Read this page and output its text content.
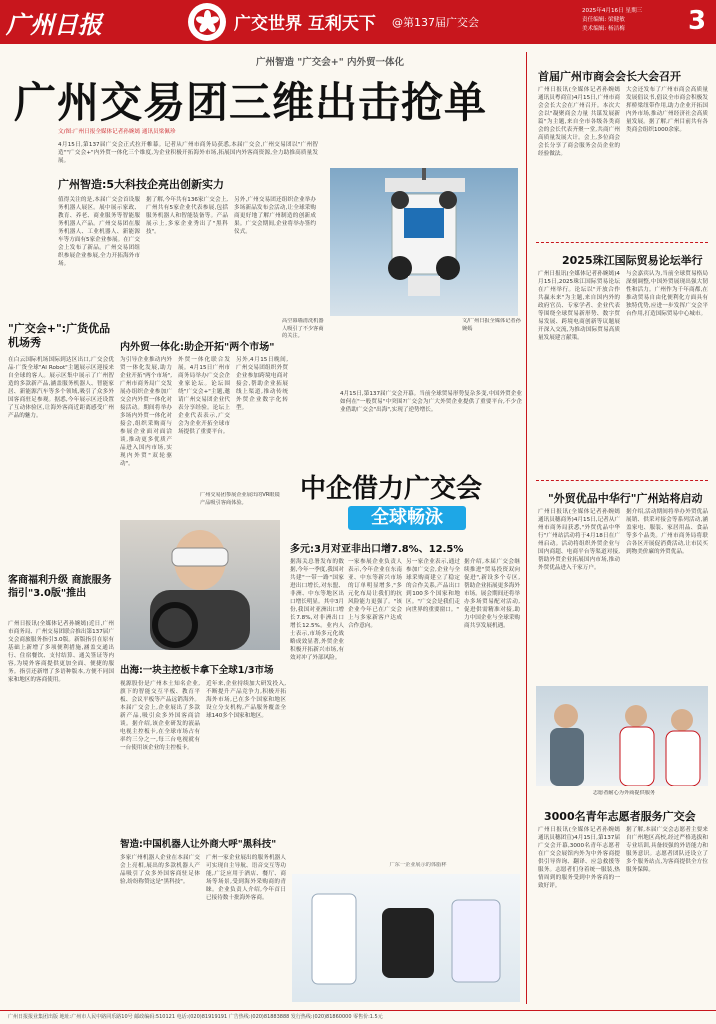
广州日报	广交世界 互利天下 @第137届广交会
2025年4月16日 星期三
责任编辑: 梁健敏
美术编辑: 杨洁梅	3
广州智造 "广交会+" 内外贸一体化
广州交易团三维出击抢单
文/图:广州日报全媒体记者孙婉嫣 通讯员梁佩珍
4月15日,第137届广交会正式拉开帷幕。记者从广州市商务局获悉,本届广交会,广州交易团以"广州智造""广交会+"内外贸一体化三个维度,为企业积极开拓海外市场,拓展国内外客商资源,全力助推高质量发展。
广州智造:5大科技企亮出创新实力
值得关注的是,本届广交会首设服务机器人展区。展中展示家政、教育、养老、商业服务等智能服务机器人产品。广州交易团在服务机器人、工业机器人、新能源车等方面有5家企业参展。在广交会上发布了新品。广州交易团组织参展企业参展,全力开拓海外市场。
据了解,今年共有136家广交会上,广州共有5家企业代表参展,包括服务机器人和智能装备等。产品展示上,多家企业秀出了"黑科技"。
另外,广州交易团还组织企业举办多场新品发布会活动,让全球采购商更好地了解广州制造的创新成果。广交会期间,企业将举办签约仪式。
高空幕墙清洗机器人吸引了不少客商的关注。
文/广州日报全媒体记者孙婉嫣
"广交会+":广货优品机场秀
在白云国际机场国际到达区出口,广交会优品·广货全球"AI Robot"主题展示区迎接来自全球的客人。展示区集中展示了广州智造的多款新产品,涵盖服务机器人、智能家居、新能源汽车等多个领域,吸引了众多外国客商驻足参观。据悉,今年展示区还设置了互动体验区,让海外客商近距离感受广州产品的魅力。
内外贸一体化:助企开拓"两个市场"
为引导企业推动内外贸一体化发展,助力企业开拓"两个市场",广州市商务局广交发展办组织企业参加广交会内外贸一体化对接活动。期间将举办多场内外贸一体化对接会,组织采购商与参展企业面对面洽谈,推动更多优质产品进入国内市场,实现内外贸"双轮驱动"。
外贸一体化联合发展。4月15日广州市商务局举办广交会企业家论坛。论坛围绕"广交会+"主题,邀请广州交易团企业代表分享经验。论坛上企业代表表示,广交会为企业开拓全球市场提供了重要平台。
另外,4月15日晚间,广州交易团组织外贸企业参加跨境电商对接会,帮助企业拓展线上渠道,推动传统外贸企业数字化转型。
广州交易团参展企业展出的VR眼镜产品吸引客商体验。
客商福利升级 商旅服务指引"3.0版"推出
广州日报讯(全媒体记者孙婉嫣)近日,广州市商务局、广州交易团联合推出第137届广交会商旅服务指引3.0版。新版指引在原有基础上新增了多项便利措施,涵盖交通出行、住宿餐饮、支付结算、通关签证等内容,为境外客商提供更加全面、便捷的服务。指引还新增了多语种版本,方便不同国家和地区的客商使用。
出海:一块主控板卡拿下全球1/3市场
视源股份是广州本土知名企业,旗下的智能交互平板、教育平板、会议平板等产品远销海外。本届广交会上,企业展出了多款新产品,吸引众多外国客商洽谈。据介绍,该企业研发的液晶电视主控板卡,在全球市场占有率约三分之一,每三台电视就有一台使用该企业的主控板卡。
近年来,企业持续加大研发投入,不断提升产品竞争力,积极开拓海外市场,已在多个国家和地区设立分支机构,产品服务覆盖全球140多个国家和地区。
智造:中国机器人让外商大呼"黑科技"
多家广州机器人企业在本届广交会上亮相,展出的多款机器人产品吸引了众多外国客商驻足体验,纷纷称赞这是"黑科技"。
广州一家企业展出的服务机器人可实现自主导航、语音交互等功能,广泛应用于酒店、餐厅、商场等场景,受到海外采购商的青睐。企业负责人介绍,今年首日已接待数十批海外客商。
4月15日,第137届广交会开幕。当前全球贸易形势复杂多变,中国外贸企业如何在"一般贸易"中突围?广交会为广大外贸企业提供了重要平台,不少企业借助广交会"出海",实现了逆势增长。
中企借力广交会
全球畅泳
多元:3月对亚非出口增7.8%、12.5%
据海关总署发布的数据,今年一季度,我国对共建"一带一路"国家进出口增长,对东盟、非洲、中东等地区出口增长明显。其中3月份,我国对亚洲出口增长7.8%,对非洲出口增长12.5%。业内人士表示,市场多元化战略成效显著,外贸企业积极开拓新兴市场,有效对冲了外部风险。
一家参展企业负责人表示,今年企业在东南亚、中东等新兴市场的订单明显增多,"多元化布局让我们的抗风险能力更强了。"该企业今年已在广交会上与多家新客户达成合作意向。
另一家企业表示,通过参加广交会,企业与全球采购商建立了稳定的合作关系,产品出口到100多个国家和地区。"广交会是我们走向世界的重要窗口。"
据介绍,本届广交会继续推进"贸易投资双向促进",新设多个专区,帮助企业拓展更多海外市场。展会期间还将举办多场贸易配对活动,促进供需精准对接,助力中国企业与全球采购商共享发展机遇。
广东一企业展示的体脂秤
首届广州市商会会长大会召开
广州日报讯(全媒体记者孙婉嫣 通讯员粤商宣)4月15日,广州市商会会长大会在广州召开。本次大会以"凝聚商会力量 共谋发展新篇"为主题,来自全市各级各类商会的会长代表齐聚一堂,共商广州高质量发展大计。会上,多位商会会长分享了商会服务会员企业的经验做法。
大会还发布了广州市商会高质量发展倡议书,倡议全市商会积极发挥桥梁纽带作用,助力企业开拓国内外市场,推动广州经济社会高质量发展。据了解,广州目前共有各类商会组织1000余家。
2025珠江国际贸易论坛举行
广州日报讯(全媒体记者孙婉嫣)4月15日,2025珠江国际贸易论坛在广州举行。论坛以"开放合作 共赢未来"为主题,来自国内外的政府官员、专家学者、企业代表等围绕全球贸易新形势、数字贸易发展、跨境电商创新等议题展开深入交流,为推动国际贸易高质量发展建言献策。
与会嘉宾认为,当前全球贸易格局深刻调整,中国外贸展现出强大韧性和活力。广州作为千年商都,在推动贸易自由化便利化方面具有独特优势,应进一步发挥广交会平台作用,打造国际贸易中心城市。
"外贸优品中华行"广州站将启动
广州日报讯(全媒体记者孙婉嫣 通讯员穗商务)4月15日,记者从广州市商务局获悉,"外贸优品中华行"广州站活动将于4月18日在广州启动。活动将组织外贸企业与国内商超、电商平台等渠道对接,帮助外贸企业拓展国内市场,推动外贸优品进入千家万户。
据介绍,活动期间将举办外贸优品展销、供采对接会等系列活动,涵盖家电、服装、家居用品、食品等多个品类。广州市商务局将联合各区开展促消费活动,让市民买到物美价廉的外贸优品。
志愿者耐心为外商提供服务
3000名青年志愿者服务广交会
广州日报讯(全媒体记者孙婉嫣 通讯员穗团宣)4月15日,第137届广交会开幕,3000名青年志愿者在广交会展馆内外为中外客商提供引导咨询、翻译、应急救援等服务。志愿者们身着统一服装,热情周到的服务受到中外客商的一致好评。
据了解,本届广交会志愿者主要来自广州地区高校,经过严格选拔和专业培训,具备较强的外语能力和服务意识。志愿者团队还设立了多个服务站点,为客商提供全方位服务保障。
广州日报报业集团出版 地址:广州市人民中路同乐路10号 邮政编码:510121 电话:(020)81919191 广告热线:(020)81883888 发行热线:(020)81860000 零售价:1.5元
